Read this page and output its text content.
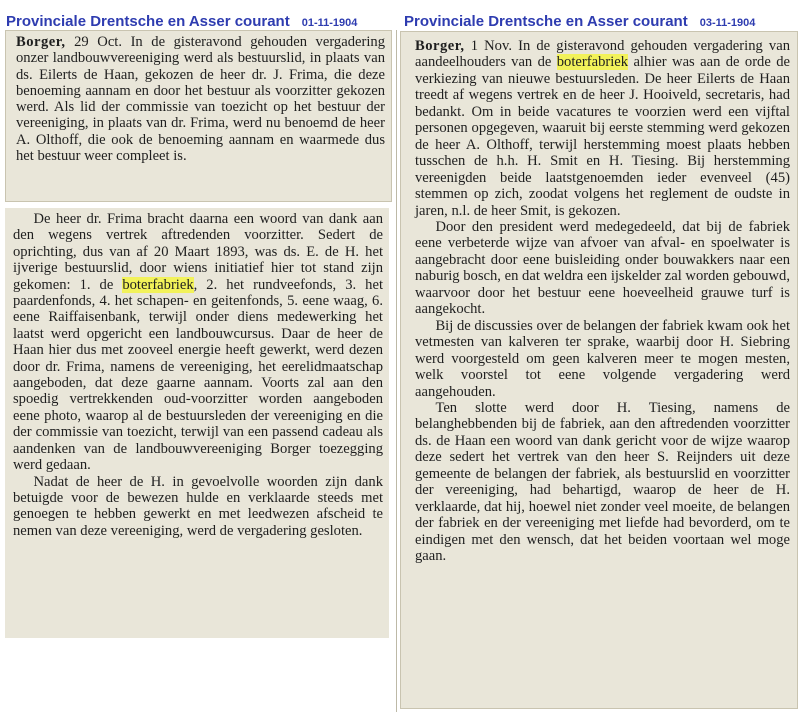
Provinciale Drentsche en Asser courant 01-11-1904	Provinciale Drentsche en Asser courant 03-11-1904

Borger, 29 Oct. In de gisteravond gehouden vergadering onzer landbouwvereeniging werd als bestuurslid, in plaats van ds. Eilerts de Haan, gekozen de heer dr. J. Frima, die deze benoeming aannam en door het bestuur als voorzitter gekozen werd. Als lid der commissie van toezicht op het bestuur der vereeniging, in plaats van dr. Frima, werd nu benoemd de heer A. Olthoff, die ook de benoeming aannam en waarmede dus het bestuur weer compleet is.

De heer dr. Frima bracht daarna een woord van dank aan den wegens vertrek aftredenden voorzitter. Sedert de oprichting, dus van af 20 Maart 1893, was ds. E. de H. het ijverige bestuurslid, door wiens initiatief hier tot stand zijn gekomen: 1. de boterfabriek, 2. het rundveefonds, 3. het paardenfonds, 4. het schapen- en geitenfonds, 5. eene waag, 6. eene Raiffaisenbank, terwijl onder diens medewerking het laatst werd opgericht een landbouwcursus. Daar de heer de Haan hier dus met zooveel energie heeft gewerkt, werd dezen door dr. Frima, namens de vereeniging, het eerelidmaatschap aangeboden, dat deze gaarne aannam. Voorts zal aan den spoedig vertrekkenden oud-voorzitter worden aangeboden eene photo, waarop al de bestuursleden der vereeniging en die der commissie van toezicht, terwijl van een passend cadeau als aandenken van de landbouwvereeniging Borger toezegging werd gedaan.

Nadat de heer de H. in gevoelvolle woorden zijn dank betuigde voor de bewezen hulde en verklaarde steeds met genoegen te hebben gewerkt en met leedwezen afscheid te nemen van deze vereeniging, werd de vergadering gesloten.

Borger, 1 Nov. In de gisteravond gehouden vergadering van aandeelhouders van de boterfabriek alhier was aan de orde de verkiezing van nieuwe bestuursleden. De heer Eilerts de Haan treedt af wegens vertrek en de heer J. Hooiveld, secretaris, had bedankt. Om in beide vacatures te voorzien werd een vijftal personen opgegeven, waaruit bij eerste stemming werd gekozen de heer A. Olthoff, terwijl herstemming moest plaats hebben tusschen de h.h. H. Smit en H. Tiesing. Bij herstemming vereenigden beide laatstgenoemden ieder evenveel (45) stemmen op zich, zoodat volgens het reglement de oudste in jaren, n.l. de heer Smit, is gekozen.

Door den president werd medegedeeld, dat bij de fabriek eene verbeterde wijze van afvoer van afval- en spoelwater is aangebracht door eene buisleiding onder bouwakkers naar een naburig bosch, en dat weldra een ijskelder zal worden gebouwd, waarvoor door het bestuur eene hoeveelheid grauwe turf is aangekocht.

Bij de discussies over de belangen der fabriek kwam ook het vetmesten van kalveren ter sprake, waarbij door H. Siebring werd voorgesteld om geen kalveren meer te mogen mesten, welk voorstel tot eene volgende vergadering werd aangehouden.

Ten slotte werd door H. Tiesing, namens de belanghebbenden bij de fabriek, aan den aftredenden voorzitter ds. de Haan een woord van dank gericht voor de wijze waarop deze sedert het vertrek van den heer S. Reijnders uit deze gemeente de belangen der fabriek, als bestuurslid en voorzitter der vereeniging, had behartigd, waarop de heer de H. verklaarde, dat hij, hoewel niet zonder veel moeite, de belangen der fabriek en der vereeniging met liefde had bevorderd, om te eindigen met den wensch, dat het beiden voortaan wel moge gaan.
